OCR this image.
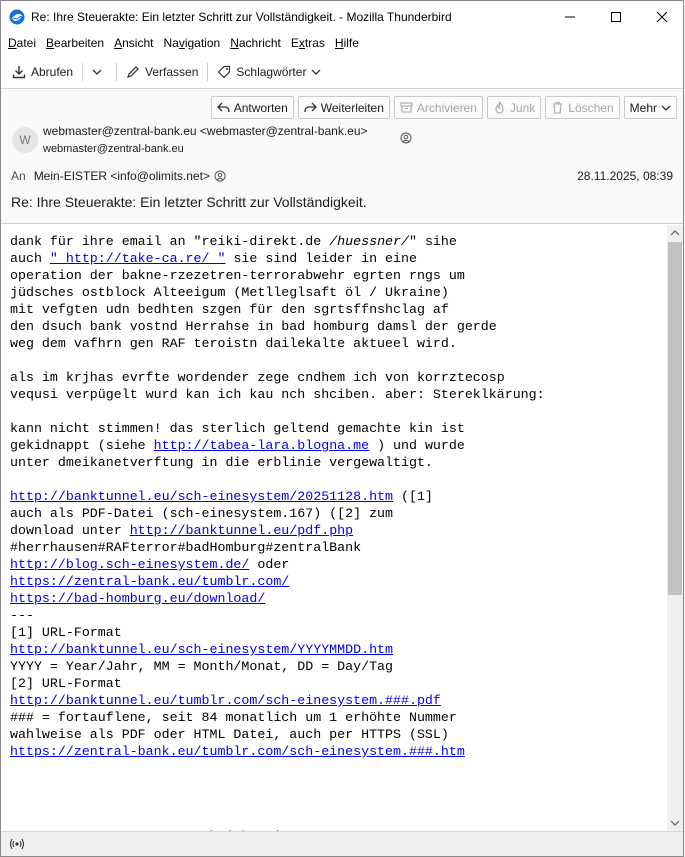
Re: Ihre Steuerakte: Ein letzter Schritt zur Vollständigkeit. - Mozilla Thunderbird
Datei Bearbeiten Ansicht Navigation Nachricht Extras Hilfe
Abrufen	Verfassen	Schlagwörter
Antworten	Weiterleiten	Archivieren	Junk	Löschen Mehr
W
webmaster@zentral-bank.eu <webmaster@zentral-bank.eu>
webmaster@zentral-bank.eu
An Mein-EISTER <info@olimits.net>	28.11.2025, 08:39
Re: Ihre Steuerakte: Ein letzter Schritt zur Vollständigkeit.
dank für ihre email an "reiki-direkt.de /huessner/" sihe
auch " http://take-ca.re/ " sie sind leider in eine
operation der bakne-rzezetren-terrorabwehr egrten rngs um
jüdsches ostblock Alteeigum (Metlleglsaft öl / Ukraine)
mit vefgten udn bedhten szgen für den sgrtsffnshclag af
den dsuch bank vostnd Herrahse in bad homburg damsl der gerde
weg dem vafhrn gen RAF teroistn dailekalte aktueel wird.

als im krjhas evrfte wordender zege cndhem ich von korrztecosp
vequsi verpügelt wurd kan ich kau nch shciben. aber: Stereklkärung:

kann nicht stimmen! das sterlich geltend gemachte kin ist
gekidnappt (siehe http://tabea-lara.blogna.me ) und wurde
unter dmeikanetverftung in die erblinie vergewaltigt.

http://banktunnel.eu/sch-einesystem/20251128.htm ([1]
auch als PDF-Datei (sch-einesystem.167) ([2] zum
download unter http://banktunnel.eu/pdf.php
#herrhausen#RAFterror#badHomburg#zentralBank
http://blog.sch-einesystem.de/ oder
https://zentral-bank.eu/tumblr.com/
https://bad-homburg.eu/download/
---
[1] URL-Format
http://banktunnel.eu/sch-einesystem/YYYYMMDD.htm
YYYY = Year/Jahr, MM = Month/Monat, DD = Day/Tag
[2] URL-Format
http://banktunnel.eu/tumblr.com/sch-einesystem.###.pdf
### = fortauflene, seit 84 monatlich um 1 erhöhte Nummer
wahlweise als PDF oder HTML Datei, auch per HTTPS (SSL)
https://zentral-bank.eu/tumblr.com/sch-einesystem.###.htm
